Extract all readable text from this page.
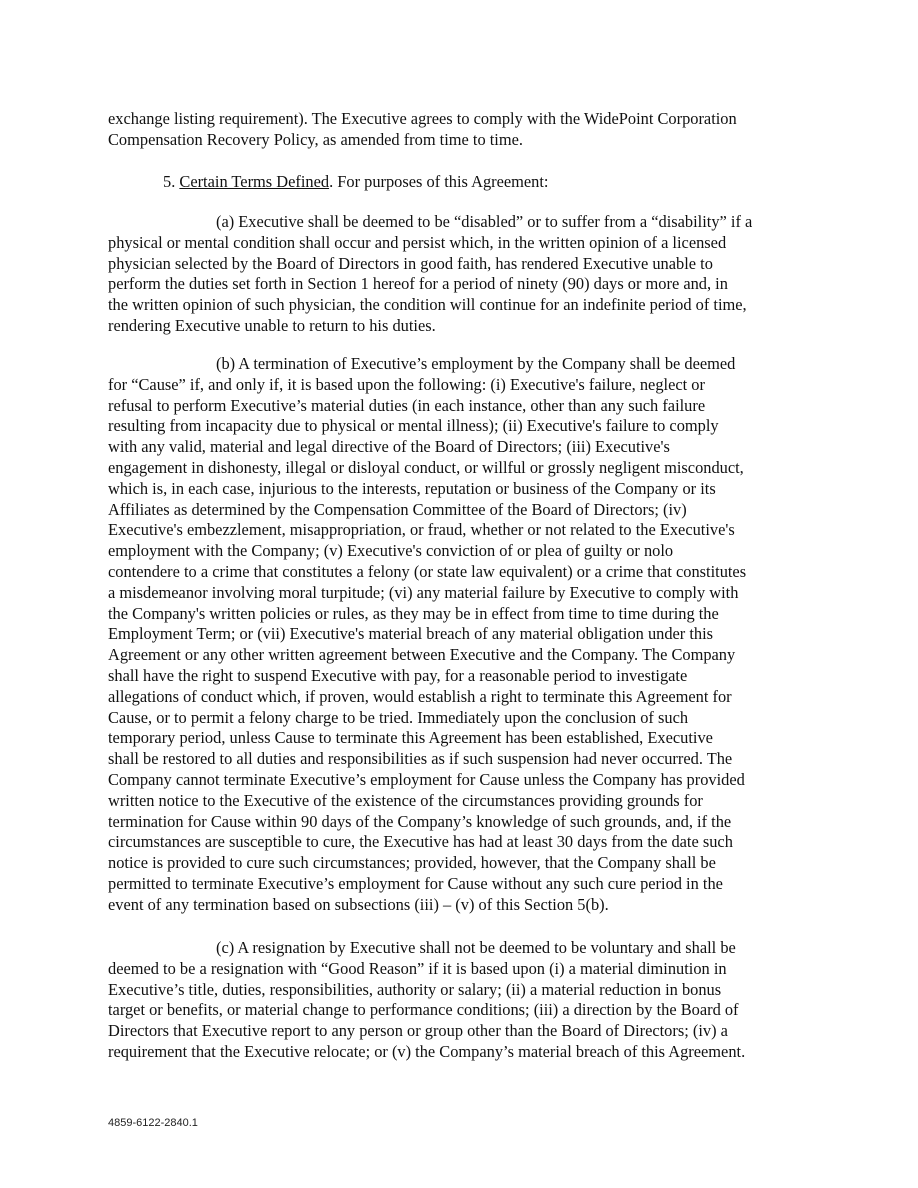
exchange listing requirement). The Executive agrees to comply with the WidePoint Corporation
Compensation Recovery Policy, as amended from time to time.
5. Certain Terms Defined. For purposes of this Agreement:
(a) Executive shall be deemed to be “disabled” or to suffer from a “disability” if a
physical or mental condition shall occur and persist which, in the written opinion of a licensed
physician selected by the Board of Directors in good faith, has rendered Executive unable to
perform the duties set forth in Section 1 hereof for a period of ninety (90) days or more and, in
the written opinion of such physician, the condition will continue for an indefinite period of time,
rendering Executive unable to return to his duties.
(b) A termination of Executive’s employment by the Company shall be deemed
for “Cause” if, and only if, it is based upon the following: (i) Executive's failure, neglect or
refusal to perform Executive’s material duties (in each instance, other than any such failure
resulting from incapacity due to physical or mental illness); (ii) Executive's failure to comply
with any valid, material and legal directive of the Board of Directors; (iii) Executive's
engagement in dishonesty, illegal or disloyal conduct, or willful or grossly negligent misconduct,
which is, in each case, injurious to the interests, reputation or business of the Company or its
Affiliates as determined by the Compensation Committee of the Board of Directors; (iv)
Executive's embezzlement, misappropriation, or fraud, whether or not related to the Executive's
employment with the Company; (v) Executive's conviction of or plea of guilty or nolo
contendere to a crime that constitutes a felony (or state law equivalent) or a crime that constitutes
a misdemeanor involving moral turpitude; (vi) any material failure by Executive to comply with
the Company's written policies or rules, as they may be in effect from time to time during the
Employment Term; or (vii) Executive's material breach of any material obligation under this
Agreement or any other written agreement between Executive and the Company. The Company
shall have the right to suspend Executive with pay, for a reasonable period to investigate
allegations of conduct which, if proven, would establish a right to terminate this Agreement for
Cause, or to permit a felony charge to be tried. Immediately upon the conclusion of such
temporary period, unless Cause to terminate this Agreement has been established, Executive
shall be restored to all duties and responsibilities as if such suspension had never occurred. The
Company cannot terminate Executive’s employment for Cause unless the Company has provided
written notice to the Executive of the existence of the circumstances providing grounds for
termination for Cause within 90 days of the Company’s knowledge of such grounds, and, if the
circumstances are susceptible to cure, the Executive has had at least 30 days from the date such
notice is provided to cure such circumstances; provided, however, that the Company shall be
permitted to terminate Executive’s employment for Cause without any such cure period in the
event of any termination based on subsections (iii) – (v) of this Section 5(b).
(c) A resignation by Executive shall not be deemed to be voluntary and shall be
deemed to be a resignation with “Good Reason” if it is based upon (i) a material diminution in
Executive’s title, duties, responsibilities, authority or salary; (ii) a material reduction in bonus
target or benefits, or material change to performance conditions; (iii) a direction by the Board of
Directors that Executive report to any person or group other than the Board of Directors; (iv) a
requirement that the Executive relocate; or (v) the Company’s material breach of this Agreement.
4859-6122-2840.1
